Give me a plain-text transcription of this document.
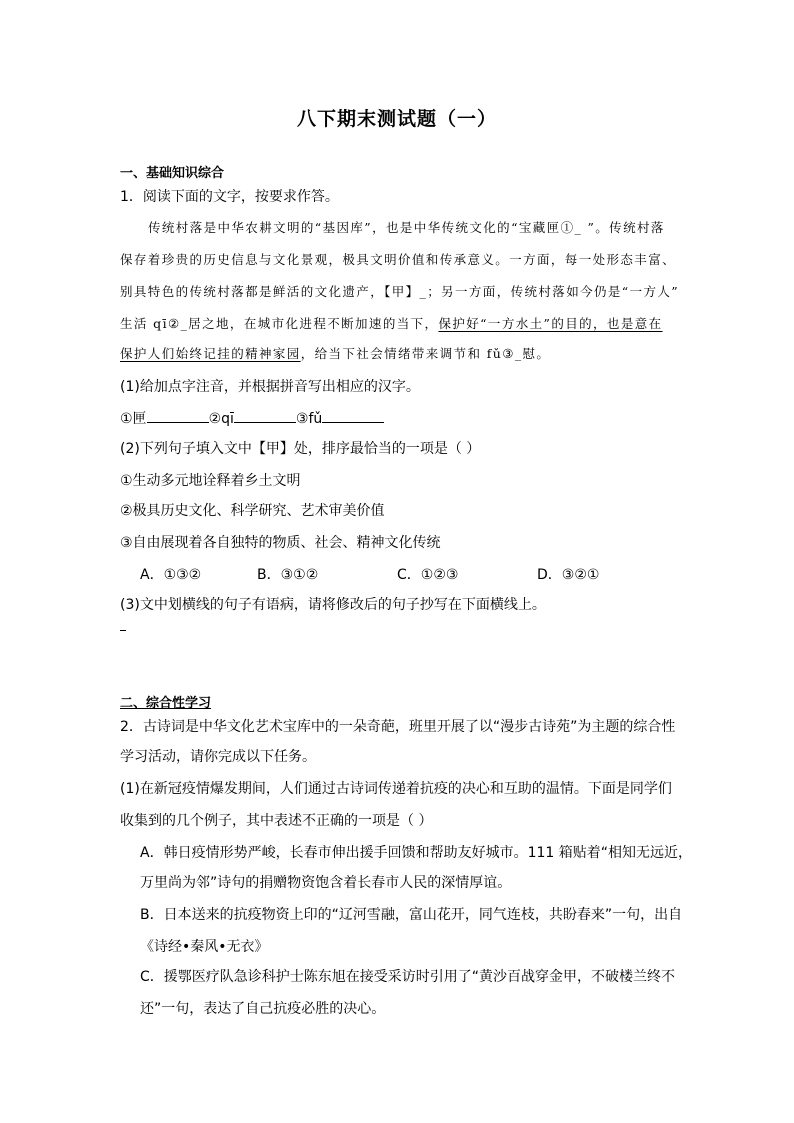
八下期末测试题（一）
一、基础知识综合
1．阅读下面的文字，按要求作答。
传统村落是中华农耕文明的“基因库”，也是中华传统文化的“宝藏匣①_ ”。传统村落
保存着珍贵的历史信息与文化景观，极具文明价值和传承意义。一方面，每一处形态丰富、
别具特色的传统村落都是鲜活的文化遗产，【甲】_；另一方面，传统村落如今仍是“一方人”
生活 qī②_居之地，在城市化进程不断加速的当下，保护好“一方水土”的目的，也是意在
保护人们始终记挂的精神家园，给当下社会情绪带来调节和 fǔ③_慰。
(1)给加点字注音，并根据拼音写出相应的汉字。
①匣	②qī	③fǔ
(2)下列句子填入文中【甲】处，排序最恰当的一项是（ ）
①生动多元地诠释着乡土文明
②极具历史文化、科学研究、艺术审美价值
③自由展现着各自独特的物质、社会、精神文化传统
A．①③②	B．③①②	C．①②③	D．③②①
(3)文中划横线的句子有语病，请将修改后的句子抄写在下面横线上。
二、综合性学习
2．古诗词是中华文化艺术宝库中的一朵奇葩，班里开展了以“漫步古诗苑”为主题的综合性
学习活动，请你完成以下任务。
(1)在新冠疫情爆发期间，人们通过古诗词传递着抗疫的决心和互助的温情。下面是同学们
收集到的几个例子，其中表述不正确的一项是（ ）
A．韩日疫情形势严峻，长春市伸出援手回馈和帮助友好城市。111 箱贴着“相知无远近，
万里尚为邻”诗句的捐赠物资饱含着长春市人民的深情厚谊。
B．日本送来的抗疫物资上印的“辽河雪融，富山花开，同气连枝，共盼春来”一句，出自
《诗经•秦风•无衣》
C．援鄂医疗队急诊科护士陈东旭在接受采访时引用了“黄沙百战穿金甲，不破楼兰终不
还”一句，表达了自己抗疫必胜的决心。
